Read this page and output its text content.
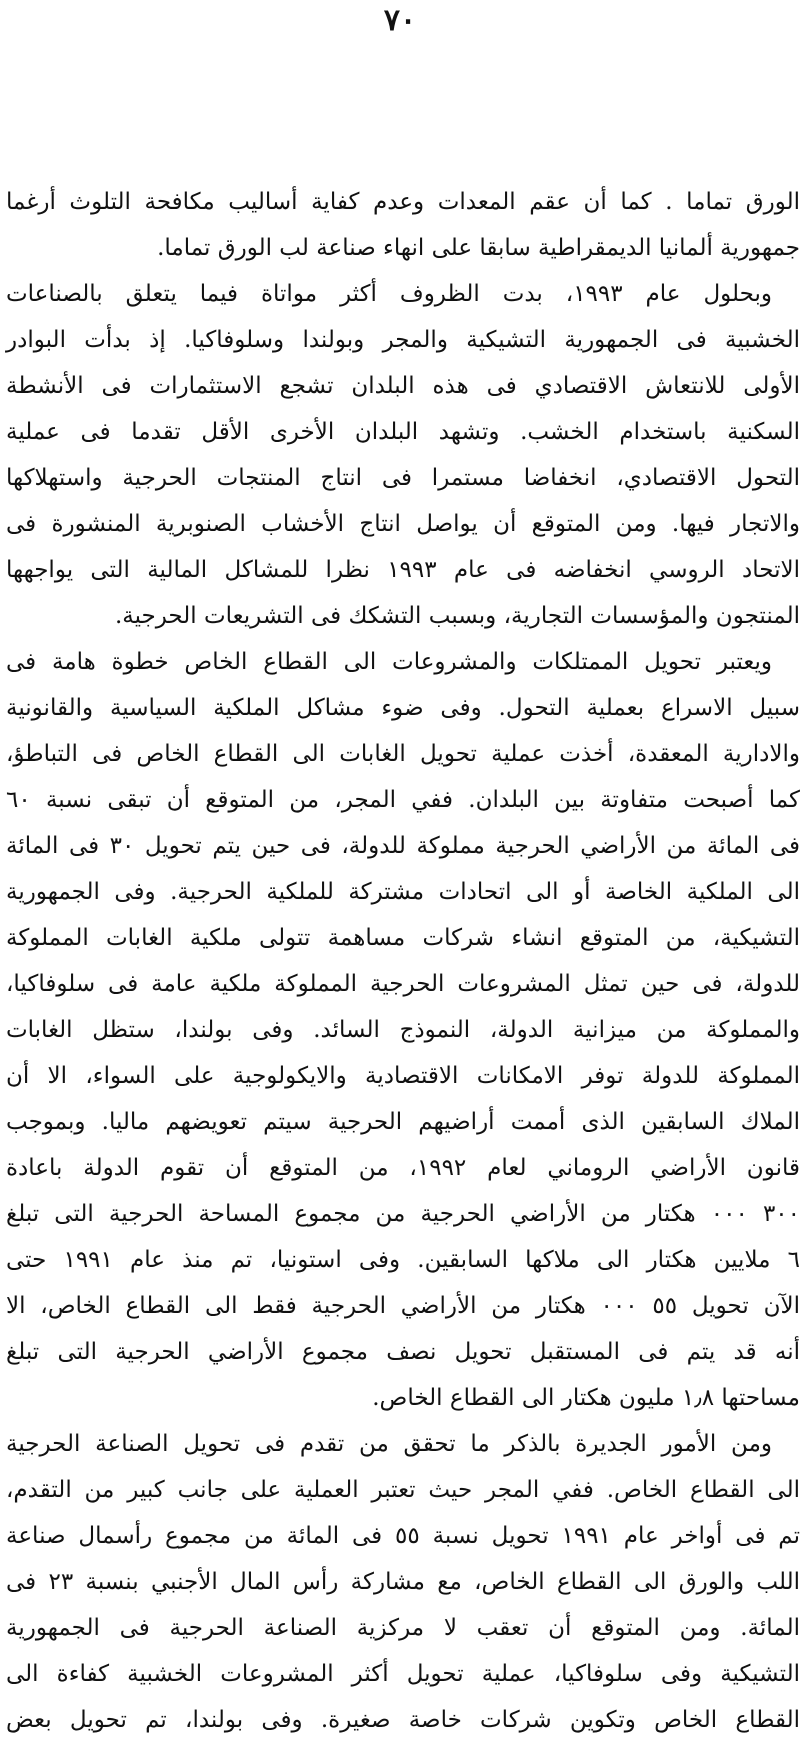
٧٠
الورق تماما . كما أن عقم المعدات وعدم كفاية أساليب مكافحة التلوث أرغما
جمهورية ألمانيا الديمقراطية سابقا على انهاء صناعة لب الورق تماما.
وبحلول عام ١٩٩٣، بدت الظروف أكثر مواتاة فيما يتعلق بالصناعات
الخشبية فى الجمهورية التشيكية والمجر وبولندا وسلوفاكيا. إذ بدأت البوادر
الأولى للانتعاش الاقتصادي فى هذه البلدان تشجع الاستثمارات فى الأنشطة
السكنية باستخدام الخشب. وتشهد البلدان الأخرى الأقل تقدما فى عملية
التحول الاقتصادي، انخفاضا مستمرا فى انتاج المنتجات الحرجية واستهلاكها
والاتجار فيها. ومن المتوقع أن يواصل انتاج الأخشاب الصنوبرية المنشورة فى
الاتحاد الروسي انخفاضه فى عام ١٩٩٣ نظرا للمشاكل المالية التى يواجهها
المنتجون والمؤسسات التجارية، وبسبب التشكك فى التشريعات الحرجية.
ويعتبر تحويل الممتلكات والمشروعات الى القطاع الخاص خطوة هامة فى
سبيل الاسراع بعملية التحول. وفى ضوء مشاكل الملكية السياسية والقانونية
والادارية المعقدة، أخذت عملية تحويل الغابات الى القطاع الخاص فى التباطؤ،
كما أصبحت متفاوتة بين البلدان. ففي المجر، من المتوقع أن تبقى نسبة ٦٠
فى المائة من الأراضي الحرجية مملوكة للدولة، فى حين يتم تحويل ٣٠ فى المائة
الى الملكية الخاصة أو الى اتحادات مشتركة للملكية الحرجية. وفى الجمهورية
التشيكية، من المتوقع انشاء شركات مساهمة تتولى ملكية الغابات المملوكة
للدولة، فى حين تمثل المشروعات الحرجية المملوكة ملكية عامة فى سلوفاكيا،
والمملوكة من ميزانية الدولة، النموذج السائد. وفى بولندا، ستظل الغابات
المملوكة للدولة توفر الامكانات الاقتصادية والايكولوجية على السواء، الا أن
الملاك السابقين الذى أممت أراضيهم الحرجية سيتم تعويضهم ماليا. وبموجب
قانون الأراضي الروماني لعام ١٩٩٢، من المتوقع أن تقوم الدولة باعادة
٣٠٠ ٠٠٠ هكتار من الأراضي الحرجية من مجموع المساحة الحرجية التى تبلغ
٦ ملايين هكتار الى ملاكها السابقين. وفى استونيا، تم منذ عام ١٩٩١ حتى
الآن تحويل ٥٥ ٠٠٠ هكتار من الأراضي الحرجية فقط الى القطاع الخاص، الا
أنه قد يتم فى المستقبل تحويل نصف مجموع الأراضي الحرجية التى تبلغ
مساحتها ١٫٨ مليون هكتار الى القطاع الخاص.
ومن الأمور الجديرة بالذكر ما تحقق من تقدم فى تحويل الصناعة الحرجية
الى القطاع الخاص. ففي المجر حيث تعتبر العملية على جانب كبير من التقدم،
تم فى أواخر عام ١٩٩١ تحويل نسبة ٥٥ فى المائة من مجموع رأسمال صناعة
اللب والورق الى القطاع الخاص، مع مشاركة رأس المال الأجنبي بنسبة ٢٣ فى
المائة. ومن المتوقع أن تعقب لا مركزية الصناعة الحرجية فى الجمهورية
التشيكية وفى سلوفاكيا، عملية تحويل أكثر المشروعات الخشبية كفاءة الى
القطاع الخاص وتكوين شركات خاصة صغيرة. وفى بولندا، تم تحويل بعض
